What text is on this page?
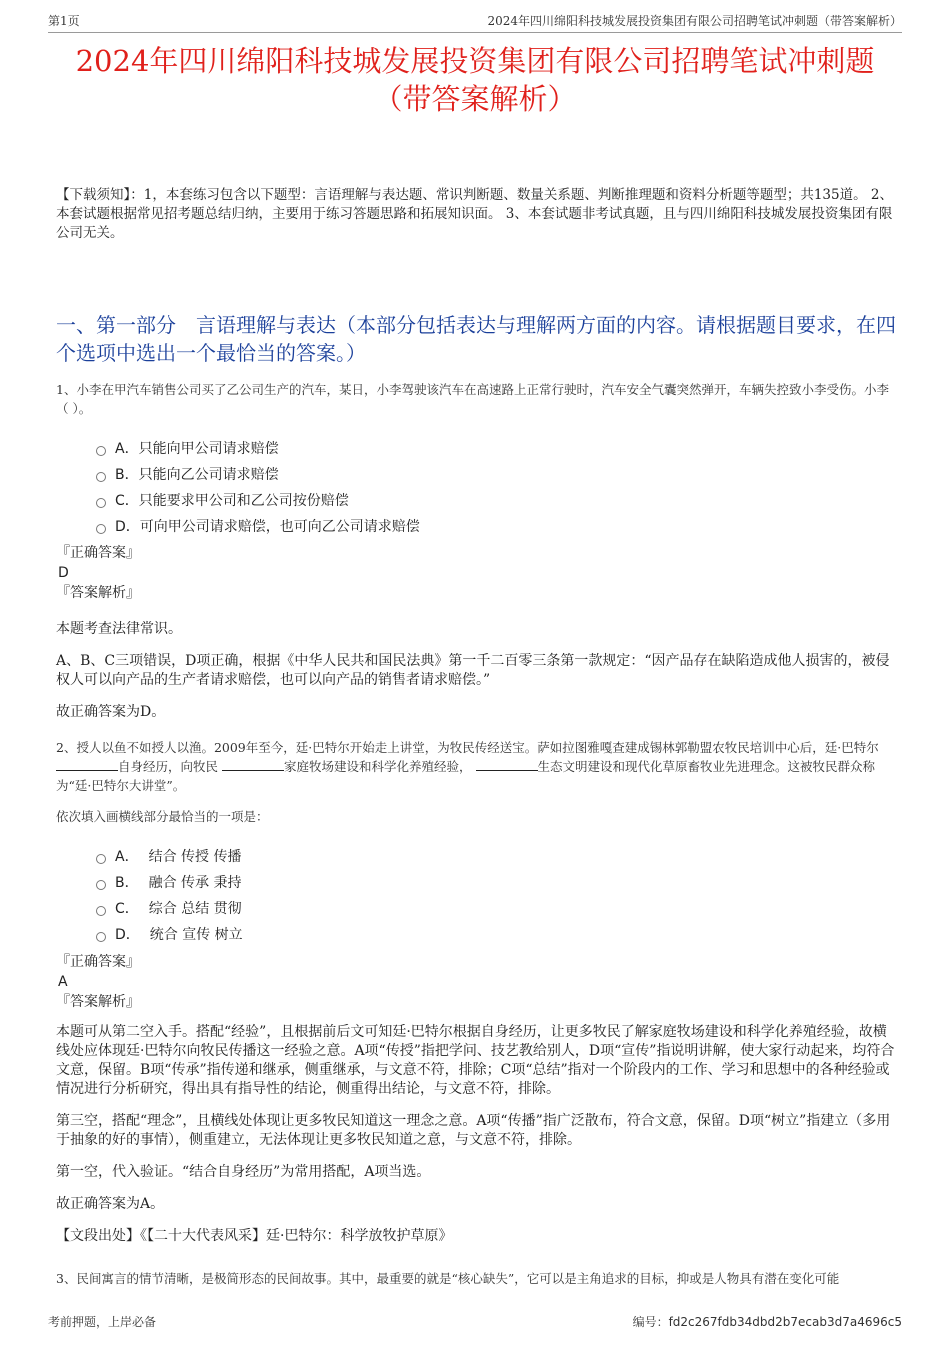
第1页	2024年四川绵阳科技城发展投资集团有限公司招聘笔试冲刺题（带答案解析）
2024年四川绵阳科技城发展投资集团有限公司招聘笔试冲刺题
（带答案解析）

【下载须知】：1，本套练习包含以下题型：言语理解与表达题、常识判断题、数量关系题、判断推理题和资料分析题等题型；共135道。 2、本套试题根据常见招考题总结归纳，主要用于练习答题思路和拓展知识面。 3、本套试题非考试真题，且与四川绵阳科技城发展投资集团有限公司无关。

一、第一部分　言语理解与表达（本部分包括表达与理解两方面的内容。请根据题目要求，在四个选项中选出一个最恰当的答案。）

1、小李在甲汽车销售公司买了乙公司生产的汽车，某日，小李驾驶该汽车在高速路上正常行驶时，汽车安全气囊突然弹开，车辆失控致小李受伤。小李（ ）。

A． 只能向甲公司请求赔偿
B． 只能向乙公司请求赔偿
C． 只能要求甲公司和乙公司按份赔偿
D． 可向甲公司请求赔偿，也可向乙公司请求赔偿

『正确答案』

D

『答案解析』

本题考查法律常识。

A、B、C三项错误，D项正确，根据《中华人民共和国民法典》第一千二百零三条第一款规定：“因产品存在缺陷造成他人损害的，被侵权人可以向产品的生产者请求赔偿，也可以向产品的销售者请求赔偿。”

故正确答案为D。

2、授人以鱼不如授人以渔。2009年至今，廷·巴特尔开始走上讲堂，为牧民传经送宝。萨如拉图雅嘎查建成锡林郭勒盟农牧民培训中心后，廷·巴特尔 自身经历，向牧民	家庭牧场建设和科学化养殖经验，	生态文明建设和现代化草原畜牧业先进理念。这被牧民群众称为“廷·巴特尔大讲堂”。

依次填入画横线部分最恰当的一项是：

A． 结合 传授 传播
B． 融合 传承 秉持
C． 综合 总结 贯彻
D． 统合 宣传 树立

『正确答案』

A

『答案解析』

本题可从第二空入手。搭配“经验”，且根据前后文可知廷·巴特尔根据自身经历，让更多牧民了解家庭牧场建设和科学化养殖经验，故横线处应体现廷·巴特尔向牧民传播这一经验之意。A项“传授”指把学问、技艺教给别人，D项“宣传”指说明讲解，使大家行动起来，均符合文意，保留。B项“传承”指传递和继承，侧重继承，与文意不符，排除；C项“总结”指对一个阶段内的工作、学习和思想中的各种经验或情况进行分析研究，得出具有指导性的结论，侧重得出结论，与文意不符，排除。

第三空，搭配“理念”，且横线处体现让更多牧民知道这一理念之意。A项“传播”指广泛散布，符合文意，保留。D项“树立”指建立（多用于抽象的好的事情），侧重建立，无法体现让更多牧民知道之意，与文意不符，排除。

第一空，代入验证。“结合自身经历”为常用搭配，A项当选。

故正确答案为A。

【文段出处】《【二十大代表风采】廷·巴特尔：科学放牧护草原》

3、民间寓言的情节清晰，是极简形态的民间故事。其中，最重要的就是“核心缺失”，它可以是主角追求的目标，抑或是人物具有潜在变化可能

考前押题，上岸必备	编号：fd2c267fdb34dbd2b7ecab3d7a4696c5
